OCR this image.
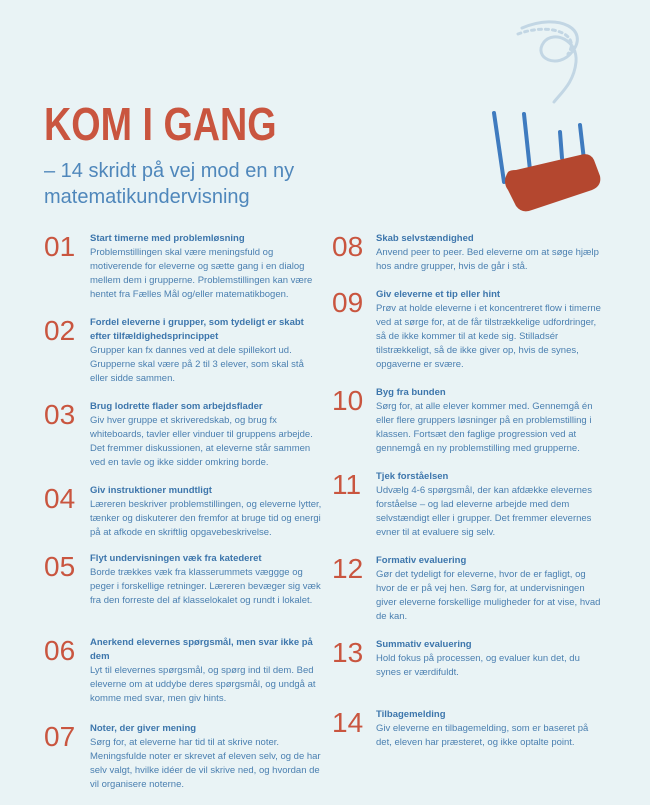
KOM I GANG
– 14 skridt på vej mod en ny matematikundervisning
01 Start timerne med problemløsning
Problemstillingen skal være meningsfuld og motiverende for eleverne og sætte gang i en dialog mellem dem i grupperne. Problemstillingen kan være hentet fra Fælles Mål og/eller matematikbogen.
02 Fordel eleverne i grupper, som tydeligt er skabt efter tilfældighedsprincippet
Grupper kan fx dannes ved at dele spillekort ud. Grupperne skal være på 2 til 3 elever, som skal stå eller sidde sammen.
03 Brug lodrette flader som arbejdsflader
Giv hver gruppe et skriveredskab, og brug fx whiteboards, tavler eller vinduer til gruppens arbejde. Det fremmer diskussionen, at eleverne står sammen ved en tavle og ikke sidder omkring borde.
04 Giv instruktioner mundtligt
Læreren beskriver problemstillingen, og eleverne lytter, tænker og diskuterer den fremfor at bruge tid og energi på at afkode en skriftlig opgavebeskrivelse.
05 Flyt undervisningen væk fra katederet
Borde trækkes væk fra klasserummets væggge og peger i forskellige retninger. Læreren bevæger sig væk fra den forreste del af klasselokalet og rundt i lokalet.
06 Anerkend elevernes spørgsmål, men svar ikke på dem
Lyt til elevernes spørgsmål, og spørg ind til dem. Bed eleverne om at uddybe deres spørgsmål, og undgå at komme med svar, men giv hints.
07 Noter, der giver mening
Sørg for, at eleverne har tid til at skrive noter. Meningsfulde noter er skrevet af eleven selv, og de har selv valgt, hvilke idéer de vil skrive ned, og hvordan de vil organisere noterne.
08 Skab selvstændighed
Anvend peer to peer. Bed eleverne om at søge hjælp hos andre grupper, hvis de går i stå.
09 Giv eleverne et tip eller hint
Prøv at holde eleverne i et koncentreret flow i timerne ved at sørge for, at de får tilstrækkelige udfordringer, så de ikke kommer til at kede sig. Stilladsér tilstrækkeligt, så de ikke giver op, hvis de synes, opgaverne er svære.
10 Byg fra bunden
Sørg for, at alle elever kommer med. Gennemgå én eller flere gruppers løsninger på en problemstilling i klassen. Fortsæt den faglige progression ved at gennemgå en ny problemstilling med grupperne.
11 Tjek forståelsen
Udvælg 4-6 spørgsmål, der kan afdække elevernes forståelse – og lad eleverne arbejde med dem selvstændigt eller i grupper. Det fremmer elevernes evner til at evaluere sig selv.
12 Formativ evaluering
Gør det tydeligt for eleverne, hvor de er fagligt, og hvor de er på vej hen. Sørg for, at undervisningen giver eleverne forskellige muligheder for at vise, hvad de kan.
13 Summativ evaluering
Hold fokus på processen, og evaluer kun det, du synes er værdifuldt.
14 Tilbagemelding
Giv eleverne en tilbagemelding, som er baseret på det, eleven har præsteret, og ikke optalte point.
